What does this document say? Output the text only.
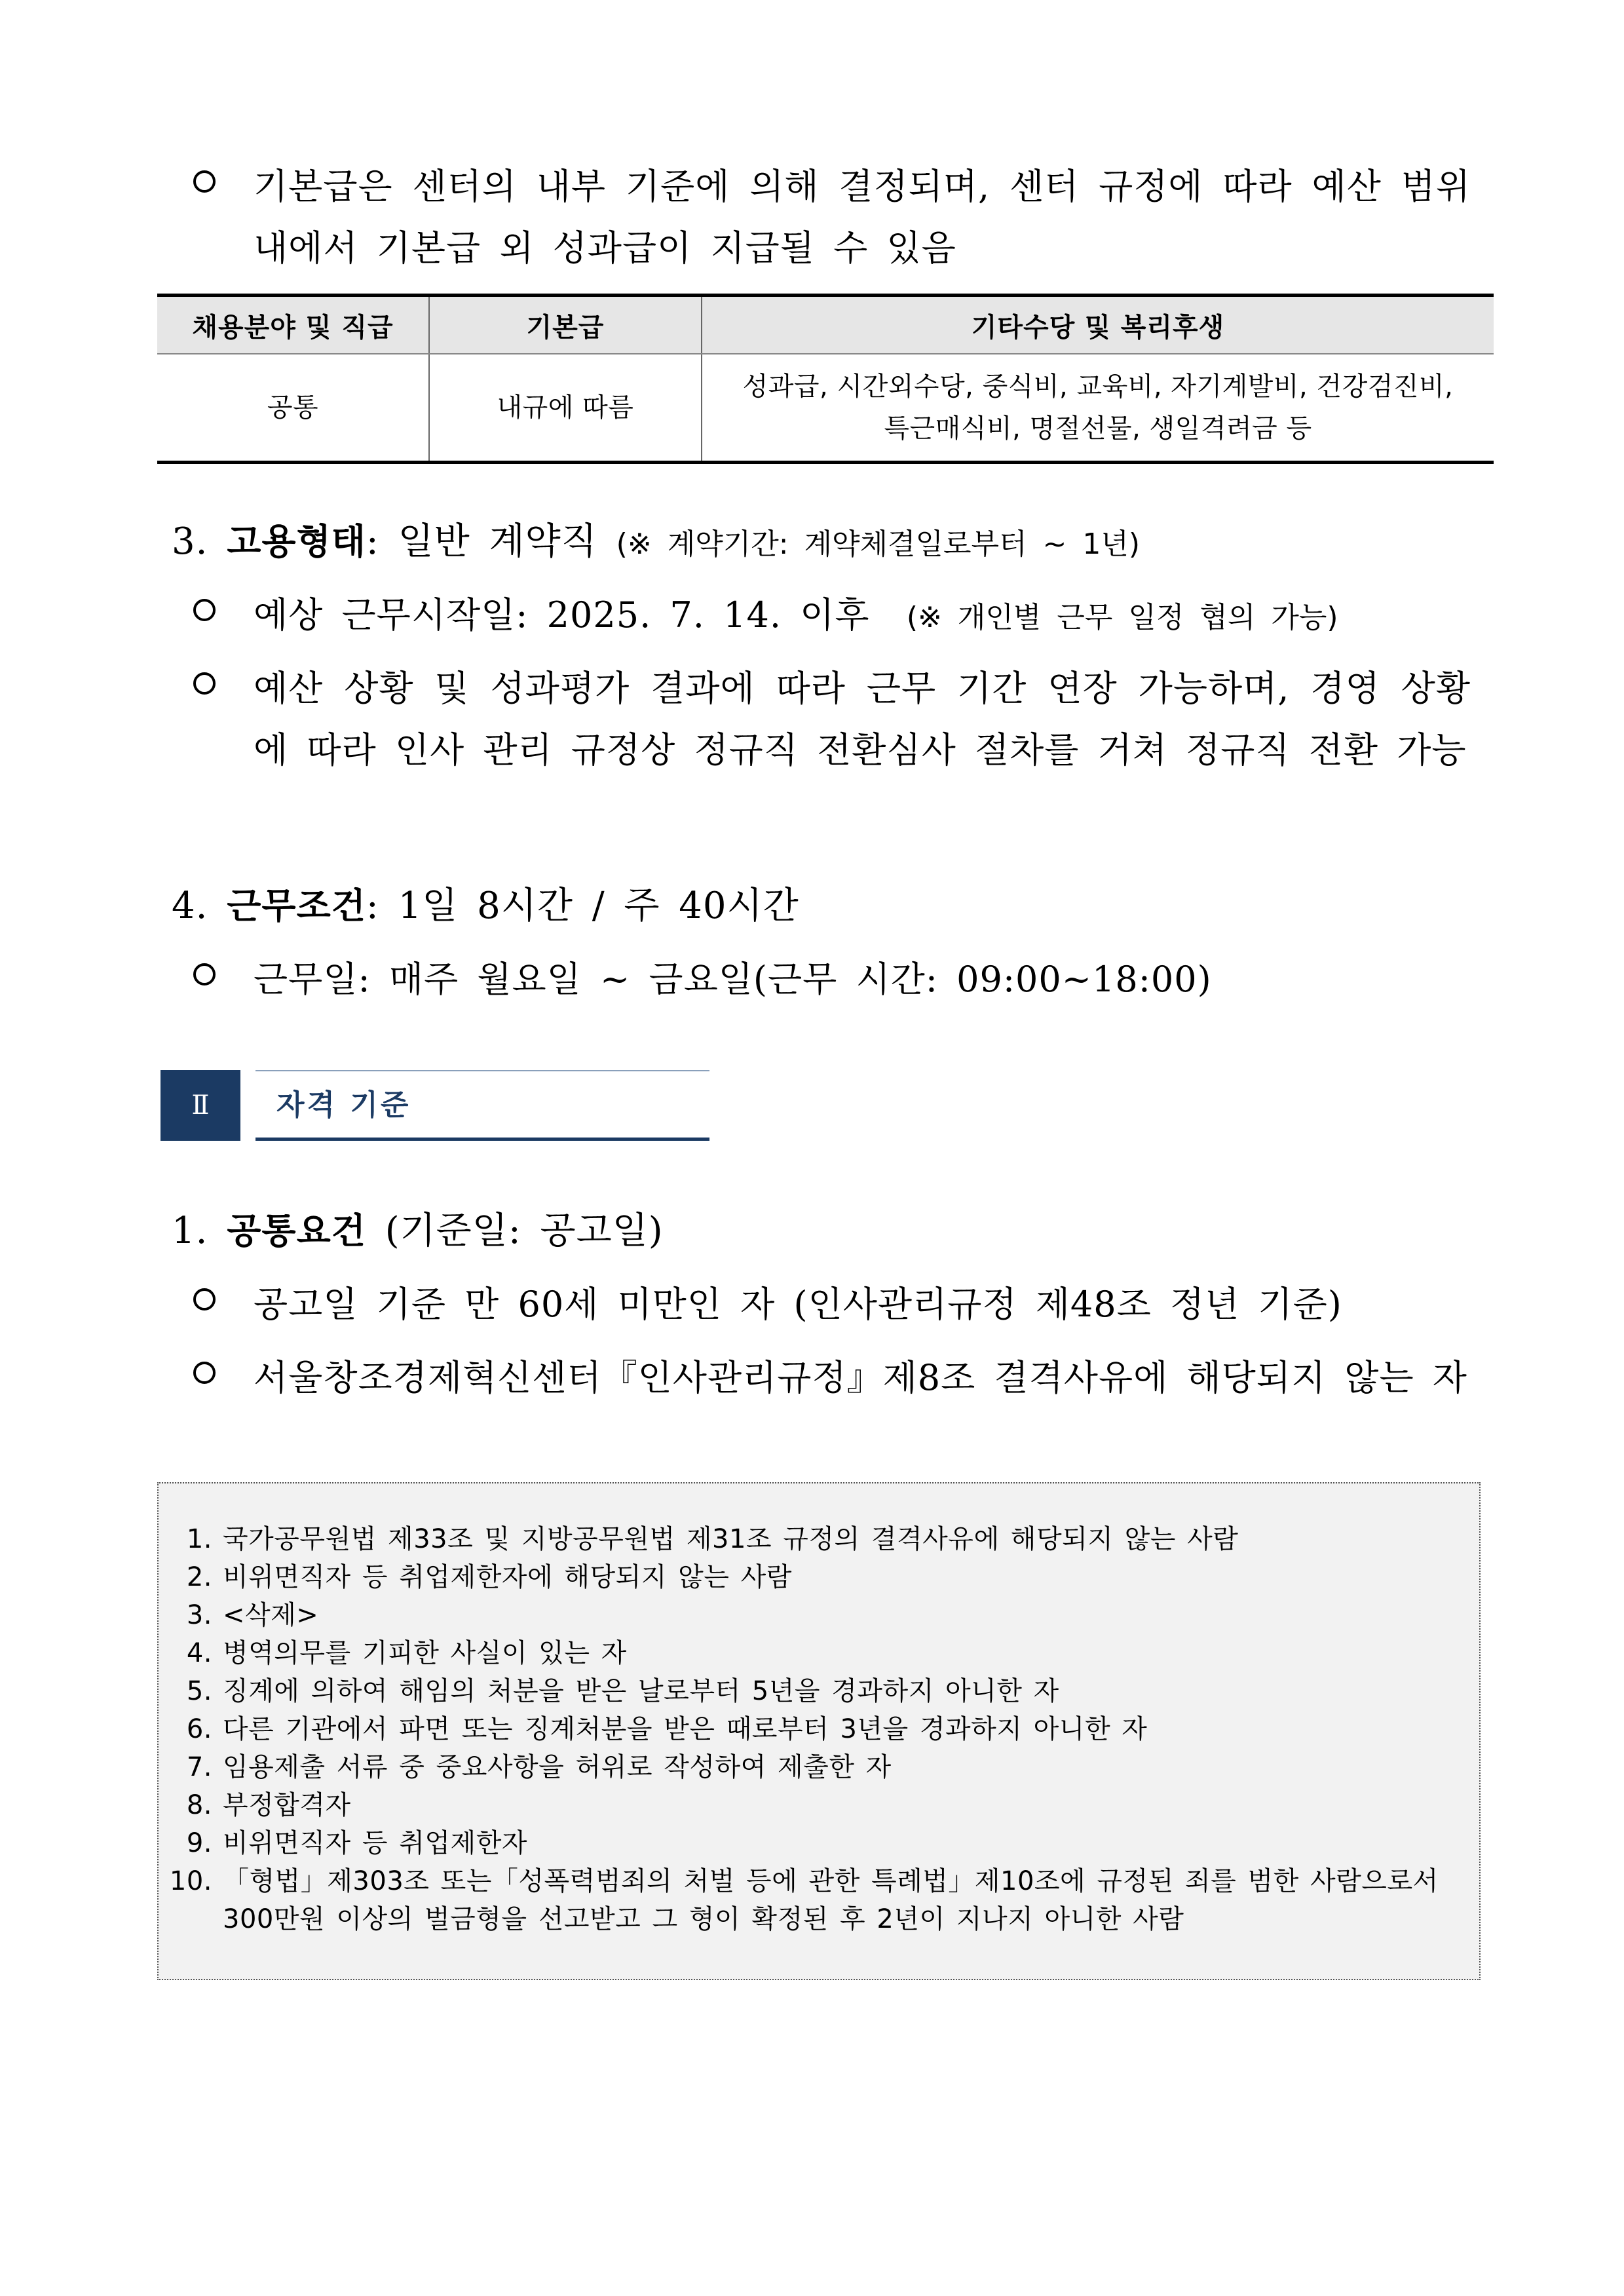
기본급은 센터의 내부 기준에 의해 결정되며, 센터 규정에 따라 예산 범위 내에서 기본급 외 성과급이 지급될 수 있음
채용분야 및 직급	기본급	기타수당 및 복리후생
공통	내규에 따름	성과급, 시간외수당, 중식비, 교육비, 자기계발비, 건강검진비,
특근매식비, 명절선물, 생일격려금 등
3. 고용형태: 일반 계약직 (※ 계약기간: 계약체결일로부터 ~ 1년)
예상 근무시작일: 2025. 7. 14. 이후 (※ 개인별 근무 일정 협의 가능)
예산 상황 및 성과평가 결과에 따라 근무 기간 연장 가능하며, 경영 상황에 따라 인사 관리 규정상 정규직 전환심사 절차를 거쳐 정규직 전환 가능
4. 근무조건: 1일 8시간 / 주 40시간
근무일: 매주 월요일 ~ 금요일(근무 시간: 09:00~18:00)
Ⅱ	자격 기준
1. 공통요건 (기준일: 공고일)
공고일 기준 만 60세 미만인 자 (인사관리규정 제48조 정년 기준)
서울창조경제혁신센터『인사관리규정』제8조 결격사유에 해당되지 않는 자
1. 국가공무원법 제33조 및 지방공무원법 제31조 규정의 결격사유에 해당되지 않는 사람
2. 비위면직자 등 취업제한자에 해당되지 않는 사람
3. <삭제>
4. 병역의무를 기피한 사실이 있는 자
5. 징계에 의하여 해임의 처분을 받은 날로부터 5년을 경과하지 아니한 자
6. 다른 기관에서 파면 또는 징계처분을 받은 때로부터 3년을 경과하지 아니한 자
7. 임용제출 서류 중 중요사항을 허위로 작성하여 제출한 자
8. 부정합격자
9. 비위면직자 등 취업제한자
10. 「형법」제303조 또는「성폭력범죄의 처벌 등에 관한 특례법」제10조에 규정된 죄를 범한 사람으로서 300만원 이상의 벌금형을 선고받고 그 형이 확정된 후 2년이 지나지 아니한 사람
